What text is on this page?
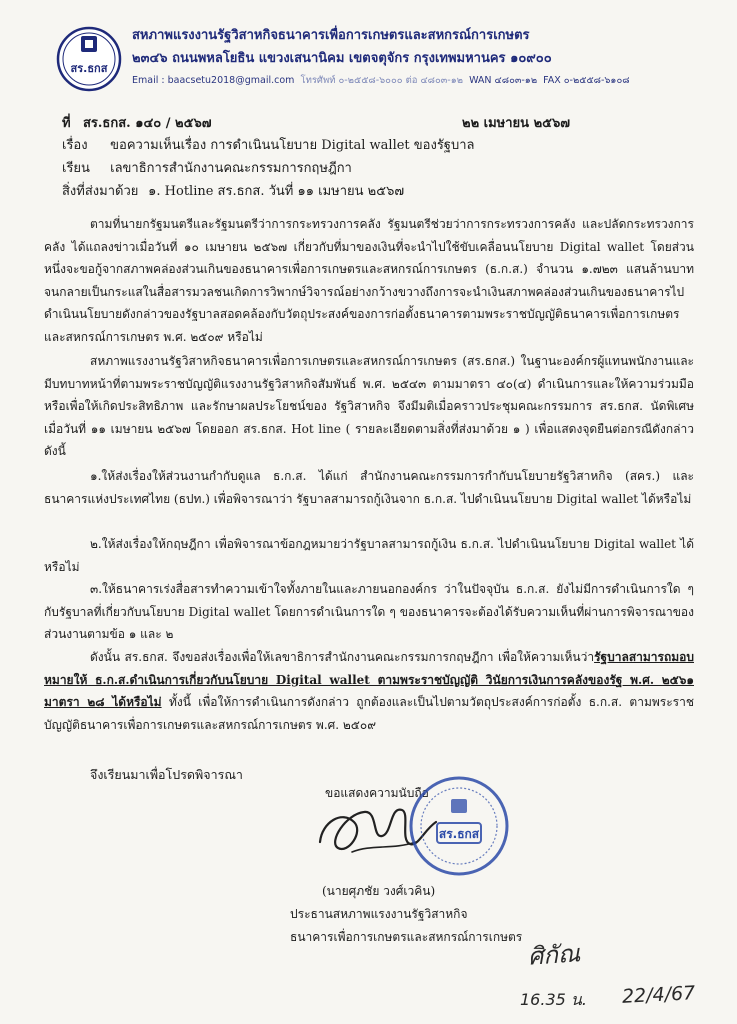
สร.ธกส
สหภาพแรงงานรัฐวิสาหกิจธนาคารเพื่อการเกษตรและสหกรณ์การเกษตร
๒๓๔๖ ถนนพหลโยธิน แขวงเสนานิคม เขตจตุจักร กรุงเทพมหานคร ๑๐๙๐๐
Email : baacsetu2018@gmail.com โทรศัพท์ ๐-๒๕๕๘-๖๐๐๐ ต่อ ๔๘๐๓-๑๒ WAN ๔๘๐๓-๑๒ FAX ๐-๒๕๕๘-๖๑๐๘
ที่ สร.ธกส. ๑๔๐ / ๒๕๖๗	๒๒ เมษายน ๒๕๖๗
เรื่อง ขอความเห็นเรื่อง การดำเนินนโยบาย Digital wallet ของรัฐบาล
เรียน เลขาธิการสำนักงานคณะกรรมการกฤษฎีกา
สิ่งที่ส่งมาด้วย ๑. Hotline สร.ธกส. วันที่ ๑๑ เมษายน ๒๕๖๗
ตามที่นายกรัฐมนตรีและรัฐมนตรีว่าการกระทรวงการคลัง รัฐมนตรีช่วยว่าการกระทรวงการคลัง และปลัดกระทรวงการคลัง ได้แถลงข่าวเมื่อวันที่ ๑๐ เมษายน ๒๕๖๗ เกี่ยวกับที่มาของเงินที่จะนำไปใช้ขับเคลื่อนนโยบาย Digital wallet โดยส่วนหนึ่งจะขอกู้จากสภาพคล่องส่วนเกินของธนาคารเพื่อการเกษตรและสหกรณ์การเกษตร (ธ.ก.ส.) จำนวน ๑.๗๒๓ แสนล้านบาท จนกลายเป็นกระแสในสื่อสารมวลชนเกิดการวิพากษ์วิจารณ์อย่างกว้างขวางถึงการจะนำเงินสภาพคล่องส่วนเกินของธนาคารไปดำเนินนโยบายดังกล่าวของรัฐบาลสอดคล้องกับวัตถุประสงค์ของการก่อตั้งธนาคารตามพระราชบัญญัติธนาคารเพื่อการเกษตรและสหกรณ์การเกษตร พ.ศ. ๒๕๐๙ หรือไม่
สหภาพแรงงานรัฐวิสาหกิจธนาคารเพื่อการเกษตรและสหกรณ์การเกษตร (สร.ธกส.) ในฐานะองค์กรผู้แทนพนักงานและมีบทบาทหน้าที่ตามพระราชบัญญัติแรงงานรัฐวิสาหกิจสัมพันธ์ พ.ศ. ๒๕๔๓ ตามมาตรา ๔๐(๔) ดำเนินการและให้ความร่วมมือหรือเพื่อให้เกิดประสิทธิภาพ และรักษาผลประโยชน์ของ รัฐวิสาหกิจ จึงมีมติเมื่อคราวประชุมคณะกรรมการ สร.ธกส. นัดพิเศษเมื่อวันที่ ๑๑ เมษายน ๒๕๖๗ โดยออก สร.ธกส. Hot line ( รายละเอียดตามสิ่งที่ส่งมาด้วย ๑ ) เพื่อแสดงจุดยืนต่อกรณีดังกล่าว ดังนี้
๑.ให้ส่งเรื่องให้ส่วนงานกำกับดูแล ธ.ก.ส. ได้แก่ สำนักงานคณะกรรมการกำกับนโยบายรัฐวิสาหกิจ (สคร.) และธนาคารแห่งประเทศไทย (ธปท.) เพื่อพิจารณาว่า รัฐบาลสามารถกู้เงินจาก ธ.ก.ส. ไปดำเนินนโยบาย Digital wallet ได้หรือไม่
๒.ให้ส่งเรื่องให้กฤษฎีกา เพื่อพิจารณาข้อกฎหมายว่ารัฐบาลสามารถกู้เงิน ธ.ก.ส. ไปดำเนินนโยบาย Digital wallet ได้หรือไม่
๓.ให้ธนาคารเร่งสื่อสารทำความเข้าใจทั้งภายในและภายนอกองค์กร ว่าในปัจจุบัน ธ.ก.ส. ยังไม่มีการดำเนินการใด ๆ กับรัฐบาลที่เกี่ยวกับนโยบาย Digital wallet โดยการดำเนินการใด ๆ ของธนาคารจะต้องได้รับความเห็นที่ผ่านการพิจารณาของส่วนงานตามข้อ ๑ และ ๒
ดังนั้น สร.ธกส. จึงขอส่งเรื่องเพื่อให้เลขาธิการสำนักงานคณะกรรมการกฤษฎีกา เพื่อให้ความเห็นว่ารัฐบาลสามารถมอบหมายให้ ธ.ก.ส.ดำเนินการเกี่ยวกับนโยบาย Digital wallet ตามพระราชบัญญัติ วินัยการเงินการคลังของรัฐ พ.ศ. ๒๕๖๑ มาตรา ๒๘ ได้หรือไม่ ทั้งนี้ เพื่อให้การดำเนินการดังกล่าว ถูกต้องและเป็นไปตามวัตถุประสงค์การก่อตั้ง ธ.ก.ส. ตามพระราชบัญญัติธนาคารเพื่อการเกษตรและสหกรณ์การเกษตร พ.ศ. ๒๕๐๙
จึงเรียนมาเพื่อโปรดพิจารณา
ขอแสดงความนับถือ
สร.ธกส
(นายศุภชัย วงศ์เวคิน)
ประธานสหภาพแรงงานรัฐวิสาหกิจ
ธนาคารเพื่อการเกษตรและสหกรณ์การเกษตร
ศิกัณ
16.35 น. 22/4/67
